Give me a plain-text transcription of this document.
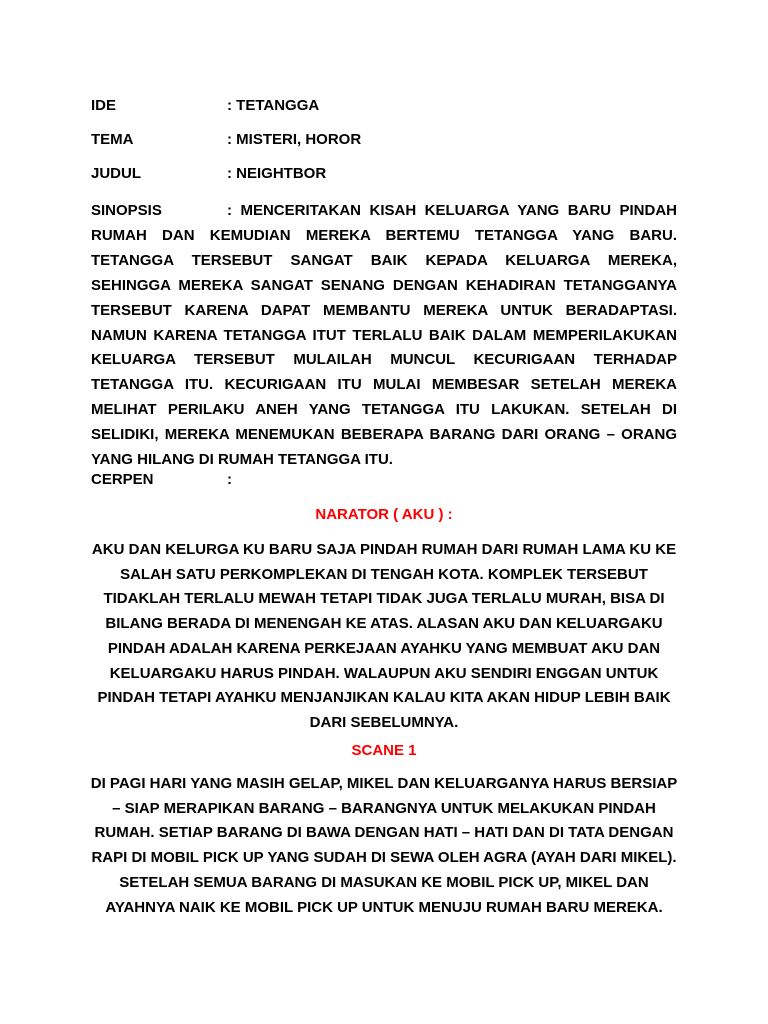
IDE	: TETANGGA
TEMA	: MISTERI, HOROR
JUDUL	: NEIGHTBOR

SINOPSIS	: MENCERITAKAN KISAH KELUARGA YANG BARU PINDAH RUMAH DAN KEMUDIAN MEREKA BERTEMU TETANGGA YANG BARU. TETANGGA TERSEBUT SANGAT BAIK KEPADA KELUARGA MEREKA, SEHINGGA MEREKA SANGAT SENANG DENGAN KEHADIRAN TETANGGANYA TERSEBUT KARENA DAPAT MEMBANTU MEREKA UNTUK BERADAPTASI. NAMUN KARENA TETANGGA ITUT TERLALU BAIK DALAM MEMPERILAKUKAN KELUARGA TERSEBUT MULAILAH MUNCUL KECURIGAAN TERHADAP TETANGGA ITU. KECURIGAAN ITU MULAI MEMBESAR SETELAH MEREKA MELIHAT PERILAKU ANEH YANG TETANGGA ITU LAKUKAN. SETELAH DI SELIDIKI, MEREKA MENEMUKAN BEBERAPA BARANG DARI ORANG – ORANG YANG HILANG DI RUMAH TETANGGA ITU.

CERPEN	:
NARATOR ( AKU ) :

AKU DAN KELURGA KU BARU SAJA PINDAH RUMAH DARI RUMAH LAMA KU KE SALAH SATU PERKOMPLEKAN DI TENGAH KOTA. KOMPLEK TERSEBUT TIDAKLAH TERLALU MEWAH TETAPI TIDAK JUGA TERLALU MURAH, BISA DI BILANG BERADA DI MENENGAH KE ATAS. ALASAN AKU DAN KELUARGAKU PINDAH ADALAH KARENA PERKEJAAN AYAHKU YANG MEMBUAT AKU DAN KELUARGAKU HARUS PINDAH. WALAUPUN AKU SENDIRI ENGGAN UNTUK PINDAH TETAPI AYAHKU MENJANJIKAN KALAU KITA AKAN HIDUP LEBIH BAIK DARI SEBELUMNYA.

SCANE 1

DI PAGI HARI YANG MASIH GELAP, MIKEL DAN KELUARGANYA HARUS BERSIAP – SIAP MERAPIKAN BARANG – BARANGNYA UNTUK MELAKUKAN PINDAH RUMAH. SETIAP BARANG DI BAWA DENGAN HATI – HATI DAN DI TATA DENGAN RAPI DI MOBIL PICK UP YANG SUDAH DI SEWA OLEH AGRA (AYAH DARI MIKEL). SETELAH SEMUA BARANG DI MASUKAN KE MOBIL PICK UP, MIKEL DAN AYAHNYA NAIK KE MOBIL PICK UP UNTUK MENUJU RUMAH BARU MEREKA.
